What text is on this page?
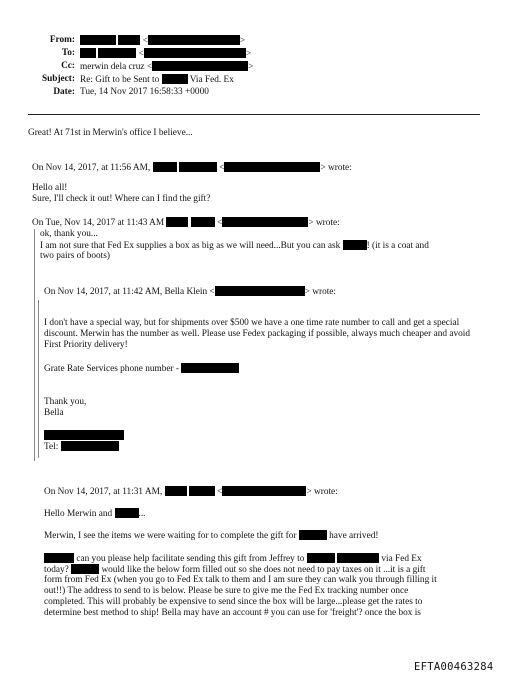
From:	<	>
To:	<	>
Cc: merwin dela cruz <	>
Subject: Re: Gift to be Sent to	Via Fed. Ex
Date: Tue, 14 Nov 2017 16:58:33 +0000
Great! At 71st in Merwin's office I believe...
On Nov 14, 2017, at 11:56 AM,	<	> wrote:
Hello all!
Sure, I'll check it out! Where can I find the gift?
On Tue, Nov 14, 2017 at 11:43 AM	<	> wrote:
ok, thank you...
I am not sure that Fed Ex supplies a box as big as we will need...But you can ask	! (it is a coat and
two pairs of boots)
On Nov 14, 2017, at 11:42 AM, Bella Klein <	> wrote:
I don't have a special way, but for shipments over $500 we have a one time rate number to call and get a special discount. Merwin has the number as well. Please use Fedex packaging if possible, always much cheaper and avoid First Priority delivery!
Grate Rate Services phone number -
Thank you,
Bella
Tel:
On Nov 14, 2017, at 11:31 AM,	<	> wrote:
Hello Merwin and	...
Merwin, I see the items we were waiting for to complete the gift for	have arrived!
can you please help facilitate sending this gift from Jeffrey to	via Fed Ex
today?	would like the below form filled out so she does not need to pay taxes on it ...it is a gift
form from Fed Ex (when you go to Fed Ex talk to them and I am sure they can walk you through filling it
out!!) The address to send to is below. Please be sure to give me the Fed Ex tracking number once
completed. This will probably be expensive to send since the box will be large...please get the rates to
determine best method to ship! Bella may have an account # you can use for 'freight'? once the box is
EFTA00463284
